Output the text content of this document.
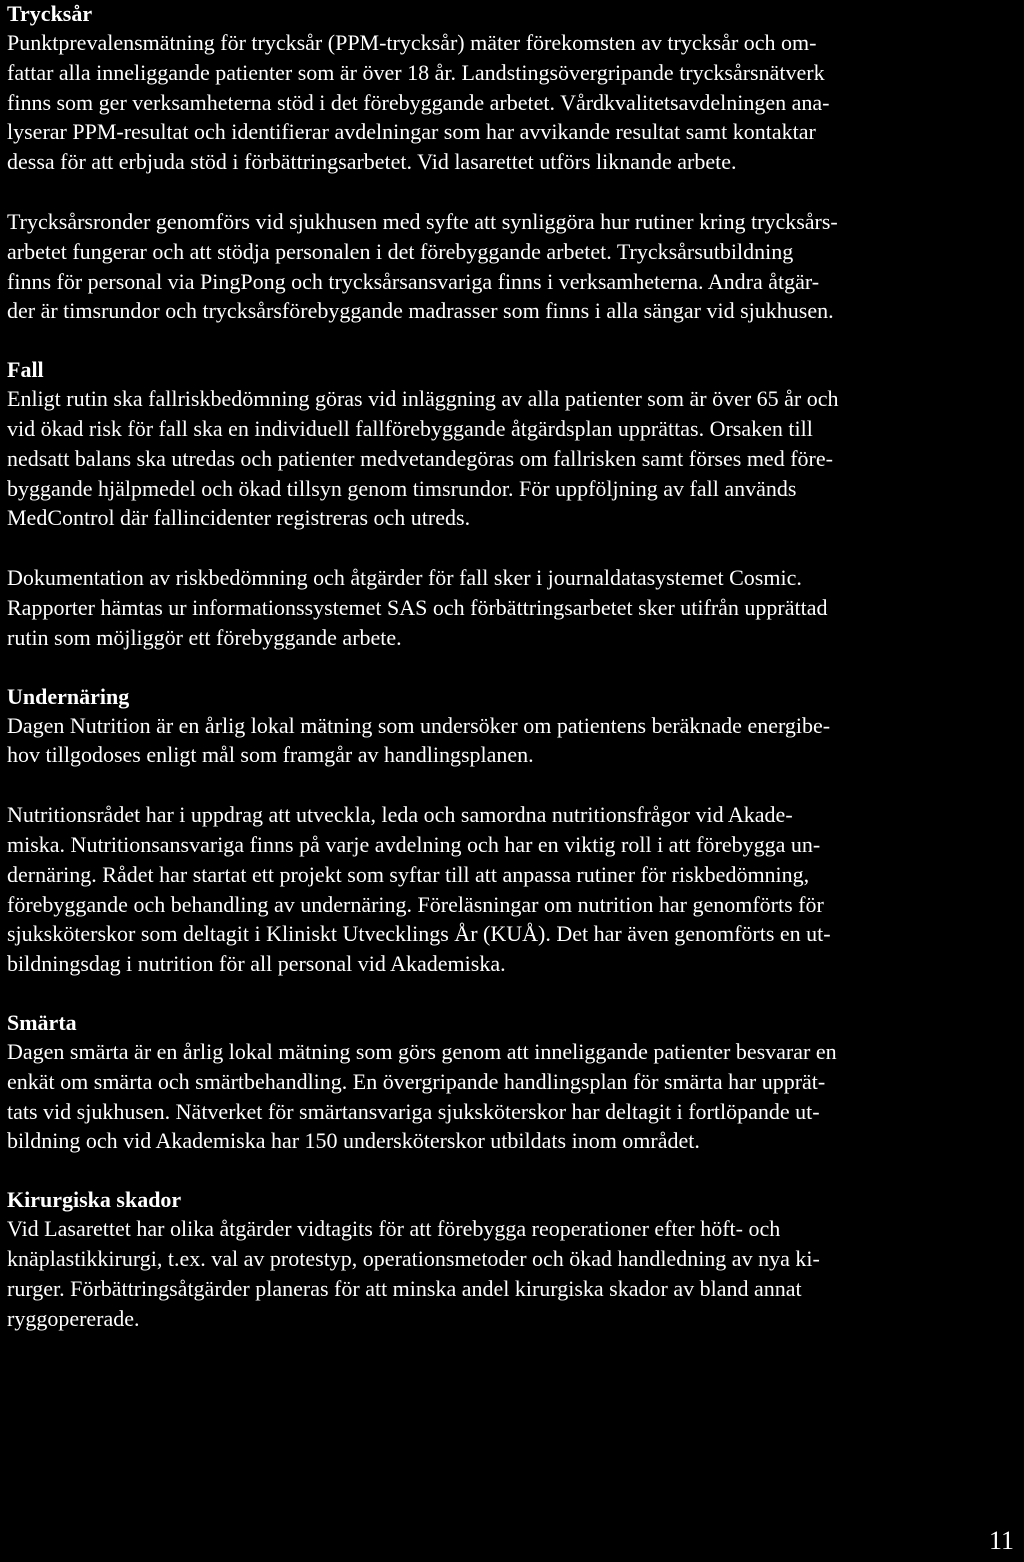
Trycksår

Punktprevalensmätning för trycksår (PPM-trycksår) mäter förekomsten av trycksår och om-
fattar alla inneliggande patienter som är över 18 år. Landstingsövergripande trycksårsnätverk
finns som ger verksamheterna stöd i det förebyggande arbetet. Vårdkvalitetsavdelningen ana-
lyserar PPM-resultat och identifierar avdelningar som har avvikande resultat samt kontaktar
dessa för att erbjuda stöd i förbättringsarbetet. Vid lasarettet utförs liknande arbete.

Trycksårsronder genomförs vid sjukhusen med syfte att synliggöra hur rutiner kring trycksårs-
arbetet fungerar och att stödja personalen i det förebyggande arbetet. Trycksårsutbildning
finns för personal via PingPong och trycksårsansvariga finns i verksamheterna. Andra åtgär-
der är timsrundor och trycksårsförebyggande madrasser som finns i alla sängar vid sjukhusen.

Fall

Enligt rutin ska fallriskbedömning göras vid inläggning av alla patienter som är över 65 år och
vid ökad risk för fall ska en individuell fallförebyggande åtgärdsplan upprättas. Orsaken till
nedsatt balans ska utredas och patienter medvetandegöras om fallrisken samt förses med före-
byggande hjälpmedel och ökad tillsyn genom timsrundor. För uppföljning av fall används
MedControl där fallincidenter registreras och utreds.

Dokumentation av riskbedömning och åtgärder för fall sker i journaldatasystemet Cosmic.
Rapporter hämtas ur informationssystemet SAS och förbättringsarbetet sker utifrån upprättad
rutin som möjliggör ett förebyggande arbete.

Undernäring

Dagen Nutrition är en årlig lokal mätning som undersöker om patientens beräknade energibe-
hov tillgodoses enligt mål som framgår av handlingsplanen.

Nutritionsrådet har i uppdrag att utveckla, leda och samordna nutritionsfrågor vid Akade-
miska. Nutritionsansvariga finns på varje avdelning och har en viktig roll i att förebygga un-
dernäring. Rådet har startat ett projekt som syftar till att anpassa rutiner för riskbedömning,
förebyggande och behandling av undernäring. Föreläsningar om nutrition har genomförts för
sjuksköterskor som deltagit i Kliniskt Utvecklings År (KUÅ). Det har även genomförts en ut-
bildningsdag i nutrition för all personal vid Akademiska.

Smärta

Dagen smärta är en årlig lokal mätning som görs genom att inneliggande patienter besvarar en
enkät om smärta och smärtbehandling. En övergripande handlingsplan för smärta har upprät-
tats vid sjukhusen. Nätverket för smärtansvariga sjuksköterskor har deltagit i fortlöpande ut-
bildning och vid Akademiska har 150 undersköterskor utbildats inom området.

Kirurgiska skador

Vid Lasarettet har olika åtgärder vidtagits för att förebygga reoperationer efter höft- och
knäplastikkirurgi, t.ex. val av protestyp, operationsmetoder och ökad handledning av nya ki-
rurger. Förbättringsåtgärder planeras för att minska andel kirurgiska skador av bland annat
ryggopererade.

11
